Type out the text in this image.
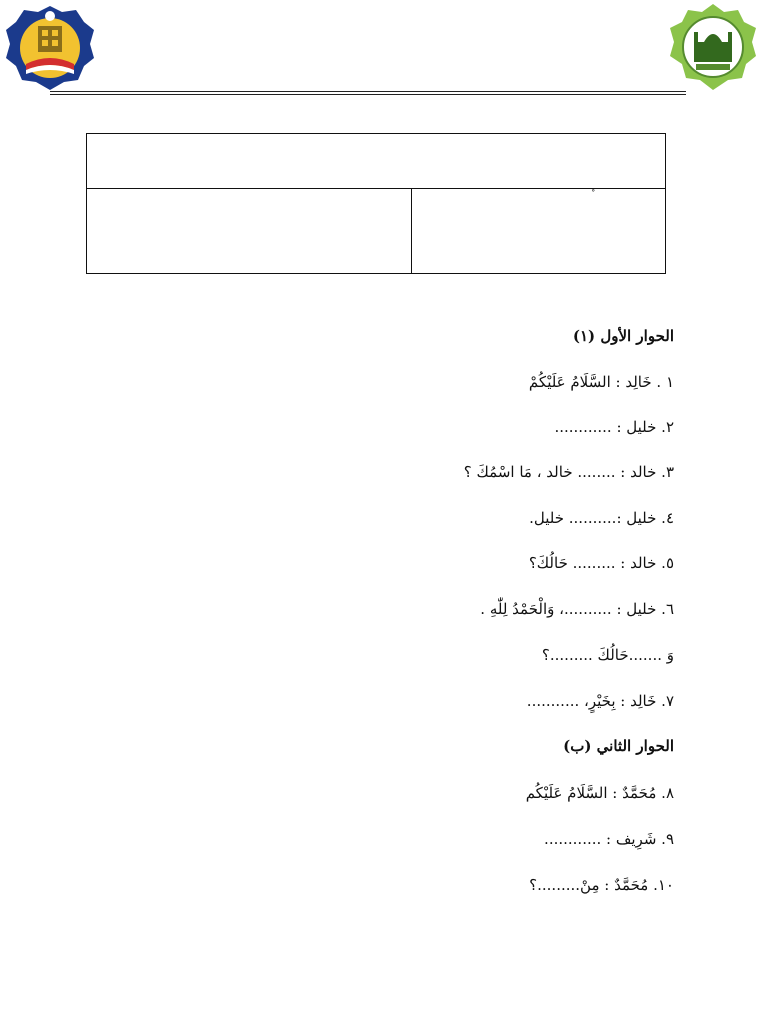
الحوار الأول (١)
١ . خَالِد : السَّلَامُ عَلَيْكُمْ
٢. خليل : ............
٣. خالد : ........ خالد ، مَا اسْمُكَ ؟
٤. خليل :.......... خليل.
٥. خالد : ......... حَالُكَ؟
٦. خليل : ..........، وَالْحَمْدُ لِلّٰهِ .
وَ .......حَالُكَ .........؟
٧. خَالِد : بِخَيْرٍ، ...........
الحوار الثاني (ب)
٨. مُحَمَّدٌ : السَّلَامُ عَلَيْكُم
٩. شَرِيف : ............
١٠. مُحَمَّدٌ : مِنْ.........؟
